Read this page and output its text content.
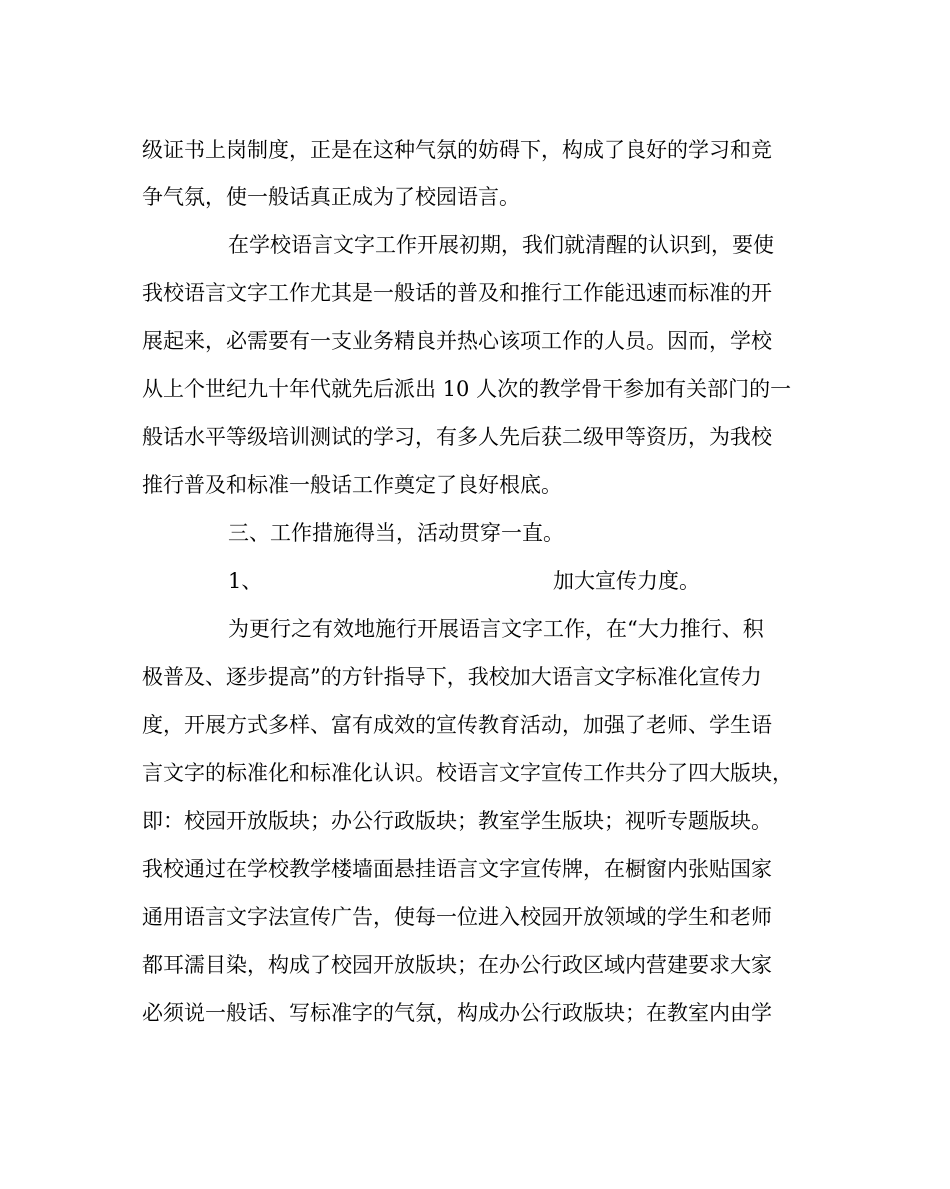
级证书上岗制度，正是在这种气氛的妨碍下，构成了良好的学习和竞
争气氛，使一般话真正成为了校园语言。
在学校语言文字工作开展初期，我们就清醒的认识到，要使
我校语言文字工作尤其是一般话的普及和推行工作能迅速而标准的开
展起来，必需要有一支业务精良并热心该项工作的人员。因而，学校
从上个世纪九十年代就先后派出 10 人次的教学骨干参加有关部门的一
般话水平等级培训测试的学习，有多人先后获二级甲等资历，为我校
推行普及和标准一般话工作奠定了良好根底。
三、工作措施得当，活动贯穿一直。
1、	加大宣传力度。
为更行之有效地施行开展语言文字工作，在“大力推行、积
极普及、逐步提高”的方针指导下，我校加大语言文字标准化宣传力
度，开展方式多样、富有成效的宣传教育活动，加强了老师、学生语
言文字的标准化和标准化认识。校语言文字宣传工作共分了四大版块，
即：校园开放版块；办公行政版块；教室学生版块；视听专题版块。
我校通过在学校教学楼墙面悬挂语言文字宣传牌，在橱窗内张贴国家
通用语言文字法宣传广告，使每一位进入校园开放领域的学生和老师
都耳濡目染，构成了校园开放版块；在办公行政区域内营建要求大家
必须说一般话、写标准字的气氛，构成办公行政版块；在教室内由学
